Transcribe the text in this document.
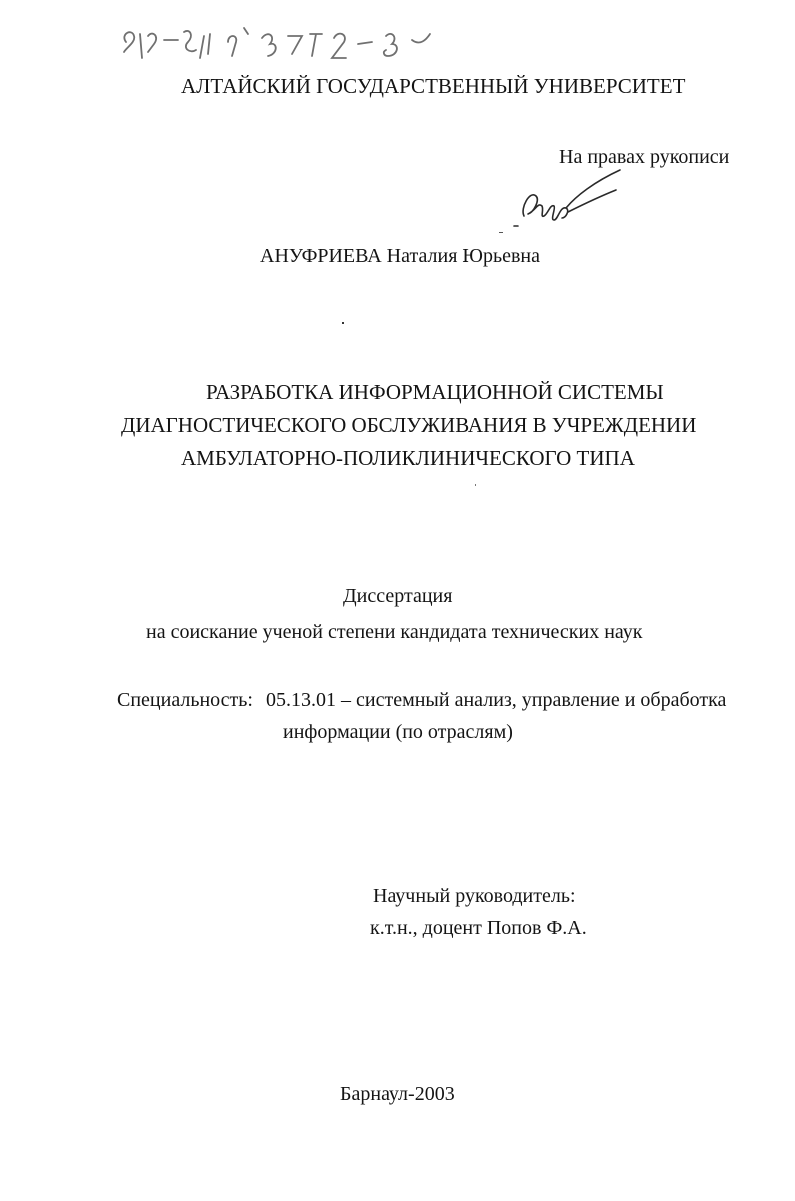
АЛТАЙСКИЙ ГОСУДАРСТВЕННЫЙ УНИВЕРСИТЕТ
На правах рукописи
АНУФРИЕВА Наталия Юрьевна
РАЗРАБОТКА ИНФОРМАЦИОННОЙ СИСТЕМЫ
ДИАГНОСТИЧЕСКОГО ОБСЛУЖИВАНИЯ В УЧРЕЖДЕНИИ
АМБУЛАТОРНО-ПОЛИКЛИНИЧЕСКОГО ТИПА
Диссертация
на соискание ученой степени кандидата технических наук
Специальность: 05.13.01 – системный анализ, управление и обработка
информации (по отраслям)
Научный руководитель:
к.т.н., доцент Попов Ф.А.
Барнаул-2003
